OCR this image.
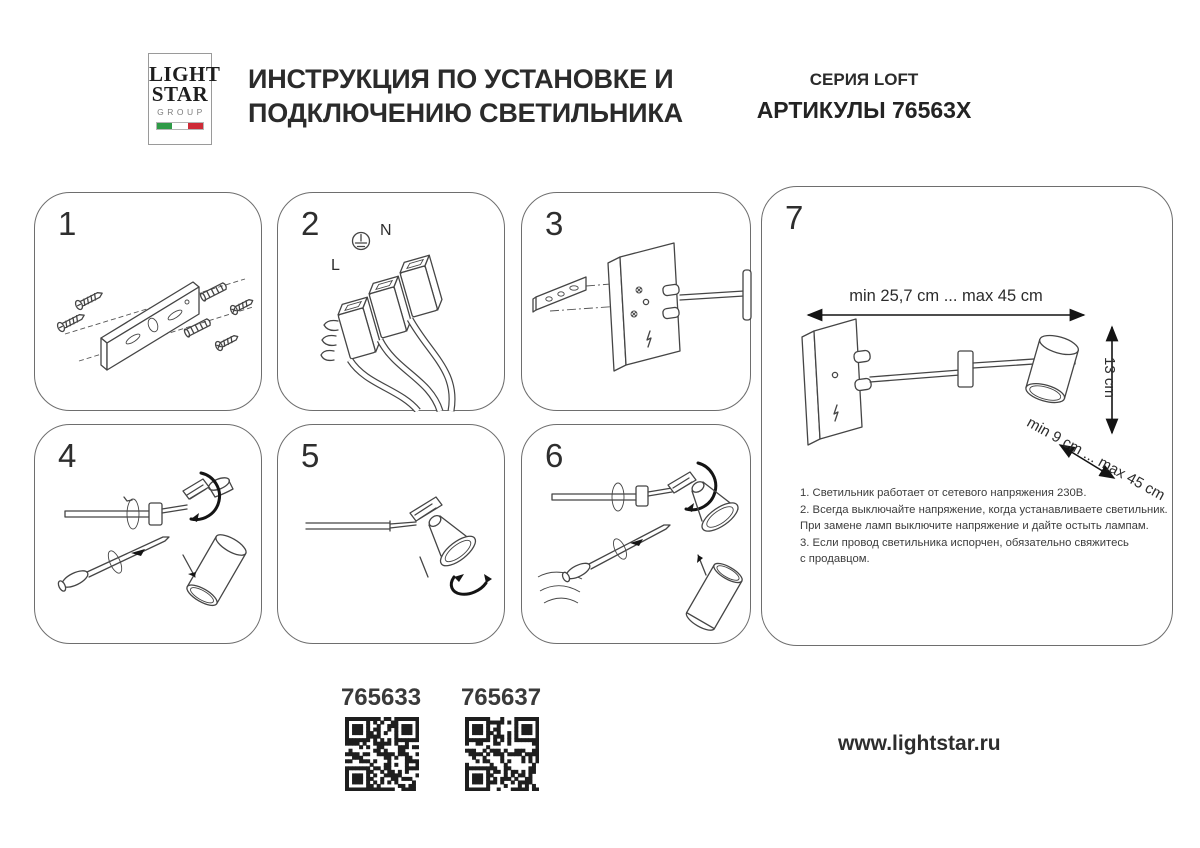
LIGHT
STAR
GROUP
ИНСТРУКЦИЯ ПО УСТАНОВКЕ И
ПОДКЛЮЧЕНИЮ СВЕТИЛЬНИКА
СЕРИЯ LOFT
АРТИКУЛЫ 76563X
1	2	N
L
3
4	5	6
7
min 25,7 cm ... max 45 cm
13 cm
min 9 cm ... max 45 cm
1. Светильник работает от сетевого напряжения 230В.
2. Всегда выключайте напряжение, когда устанавливаете светильник.
При замене ламп выключите напряжение и дайте остыть лампам.
3. Если провод светильника испорчен, обязательно свяжитесь
с продавцом.
765633	765637
www.lightstar.ru
